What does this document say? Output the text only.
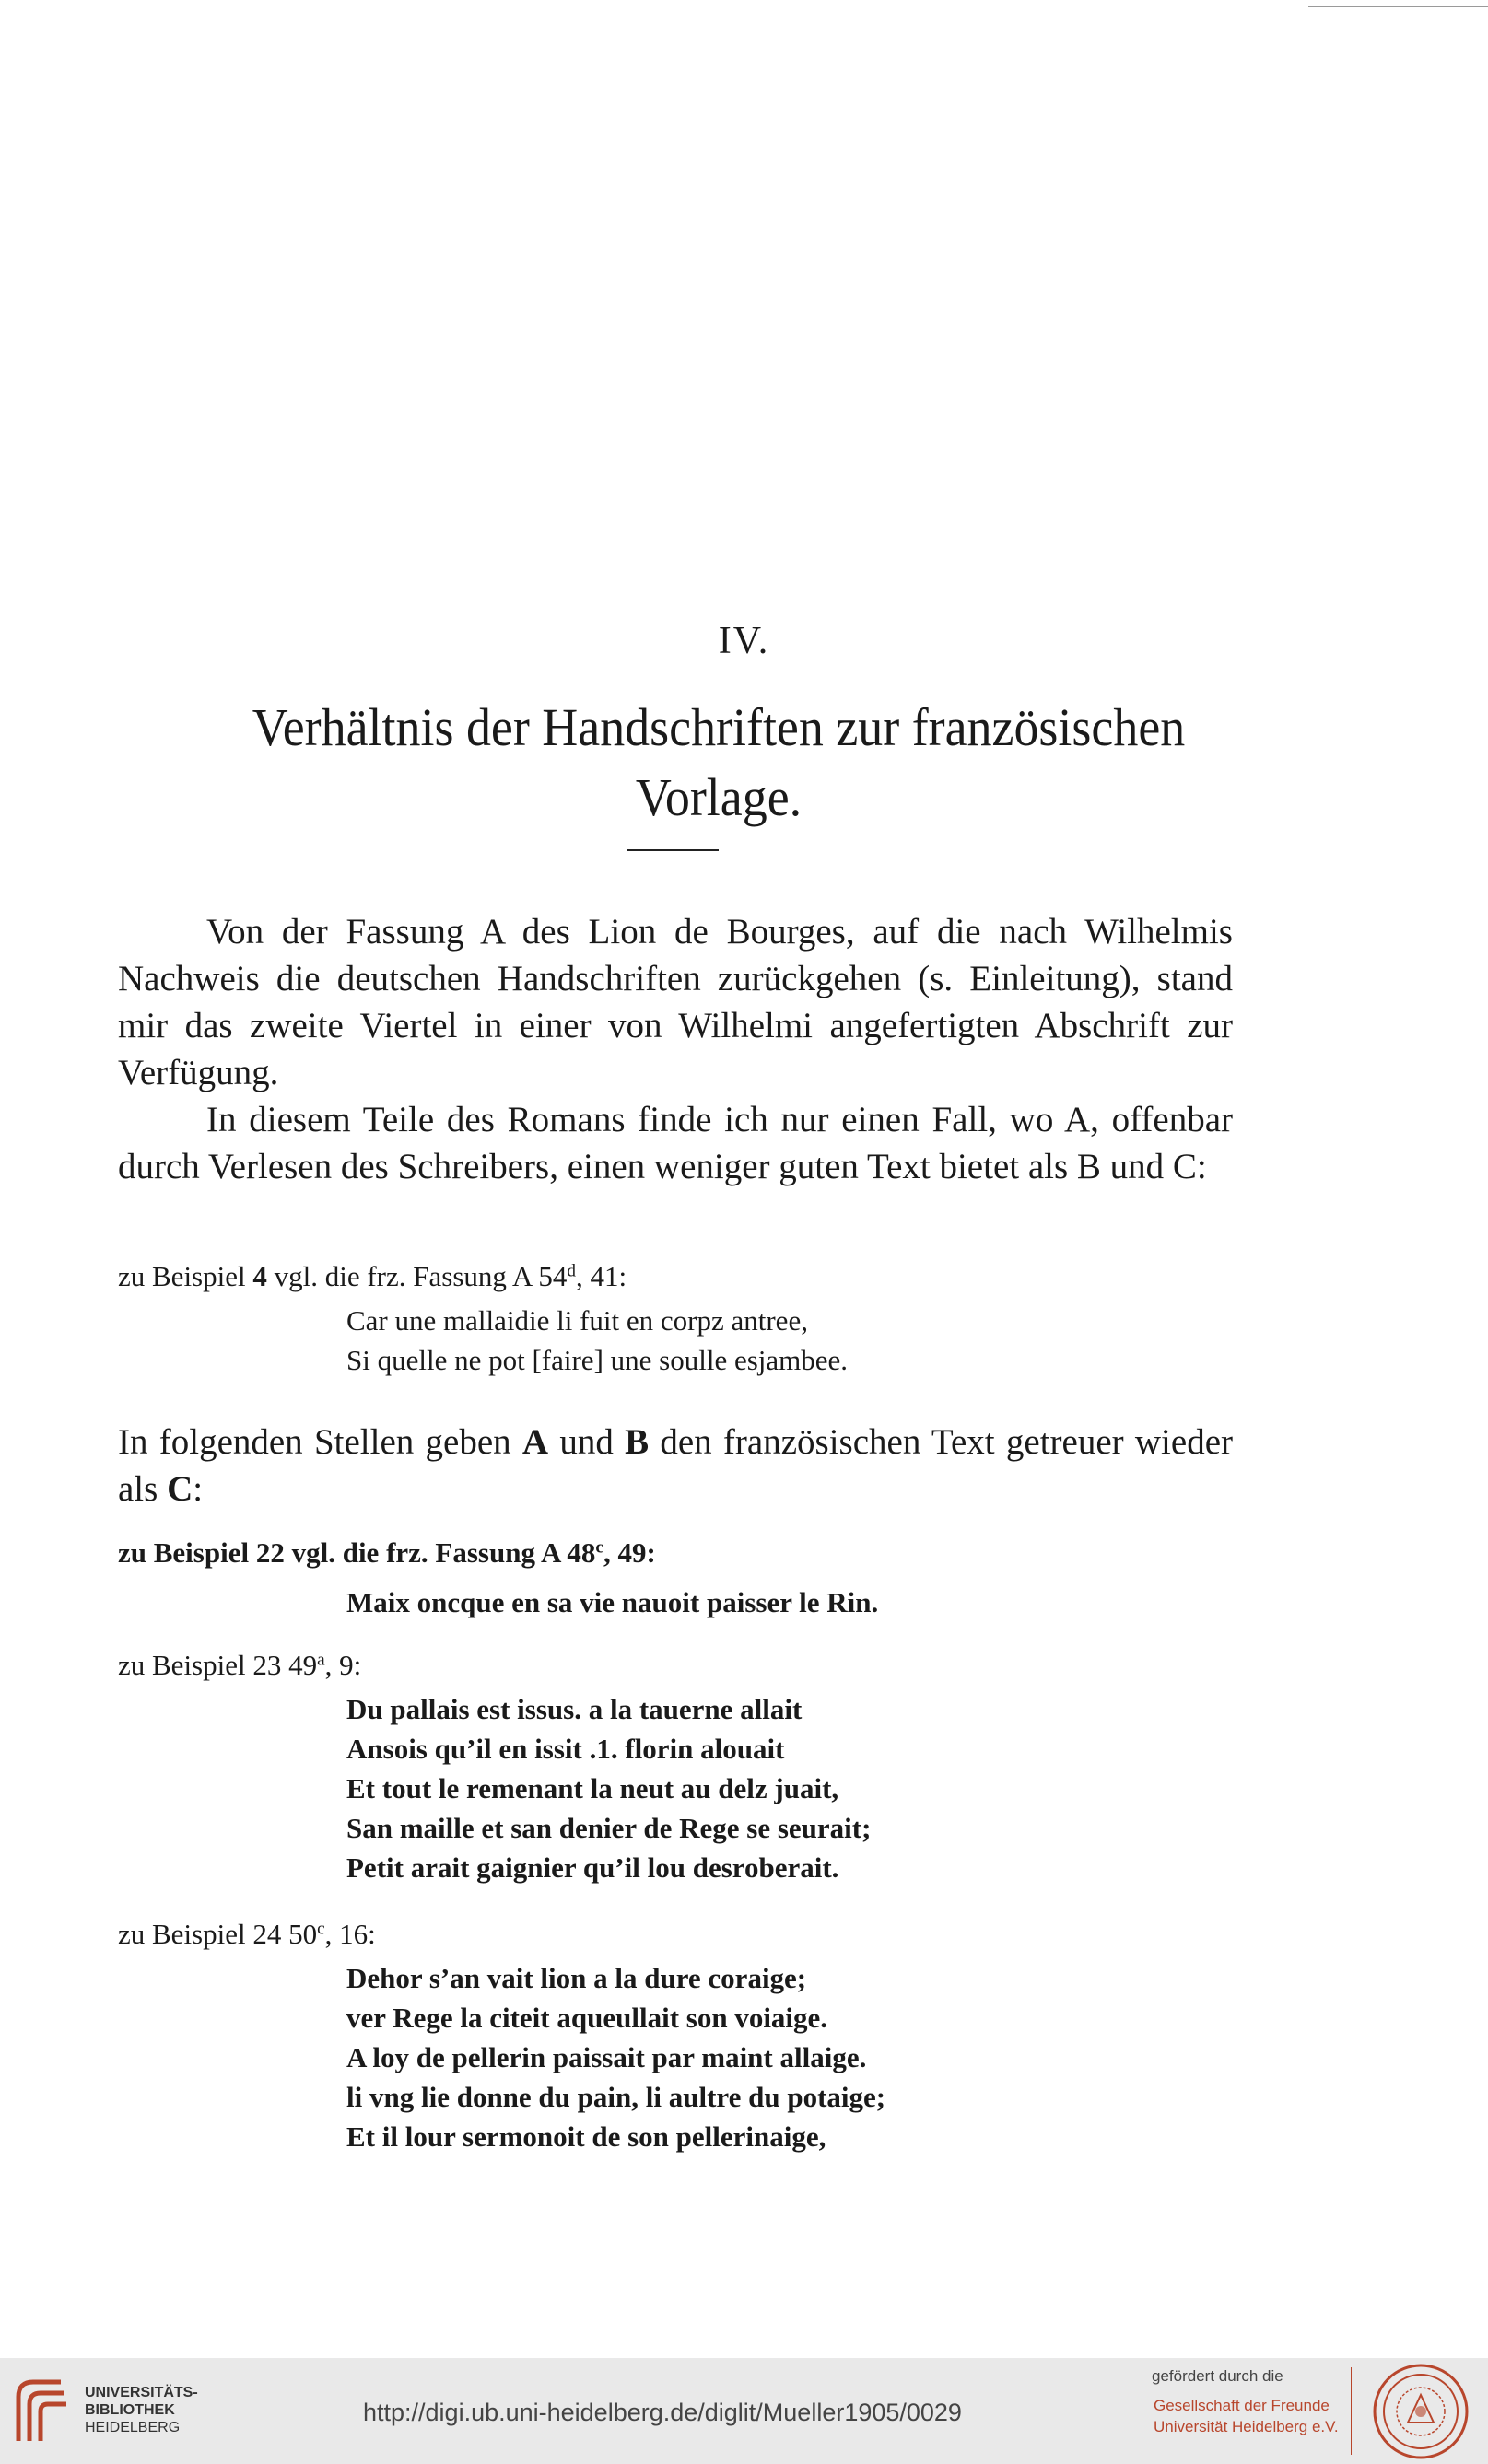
IV.
Verhältnis der Handschriften zur französischen
Vorlage.
Von der Fassung A des Lion de Bourges, auf die nach Wilhelmis Nachweis die deutschen Handschriften zurückgehen (s. Einleitung), stand mir das zweite Viertel in einer von Wilhelmi angefertigten Abschrift zur Verfügung.
In diesem Teile des Romans finde ich nur einen Fall, wo A, offenbar durch Verlesen des Schreibers, einen weniger guten Text bietet als B und C:
zu Beispiel 4 vgl. die frz. Fassung A 54$^d$, 41:
Car une mallaidie li fuit en corpz antree,
Si quelle ne pot [faire] une soulle esjambee.
In folgenden Stellen geben A und B den französischen Text getreuer wieder als C:
zu Beispiel 22 vgl. die frz. Fassung A 48$^c$, 49:
Maix oncque en sa vie nauoit paisser le Rin.
zu Beispiel 23 49$^a$, 9:
Du pallais est issus. a la tauerne allait
Ansois qu’il en issit .1. florin alouait
Et tout le remenant la neut au delz juait,
San maille et san denier de Rege se seurait;
Petit arait gaignier qu’il lou desroberait.
zu Beispiel 24 50$^c$, 16:
Dehor s’an vait lion a la dure coraige;
ver Rege la citeit aqueullait son voiaige.
A loy de pellerin paissait par maint allaige.
li vng lie donne du pain, li aultre du potaige;
Et il lour sermonoit de son pellerinaige,
UNIVERSITÄTS-
BIBLIOTHEK
HEIDELBERG
http://digi.ub.uni-heidelberg.de/diglit/Mueller1905/0029
gefördert durch die
Gesellschaft der Freunde
Universität Heidelberg e.V.
